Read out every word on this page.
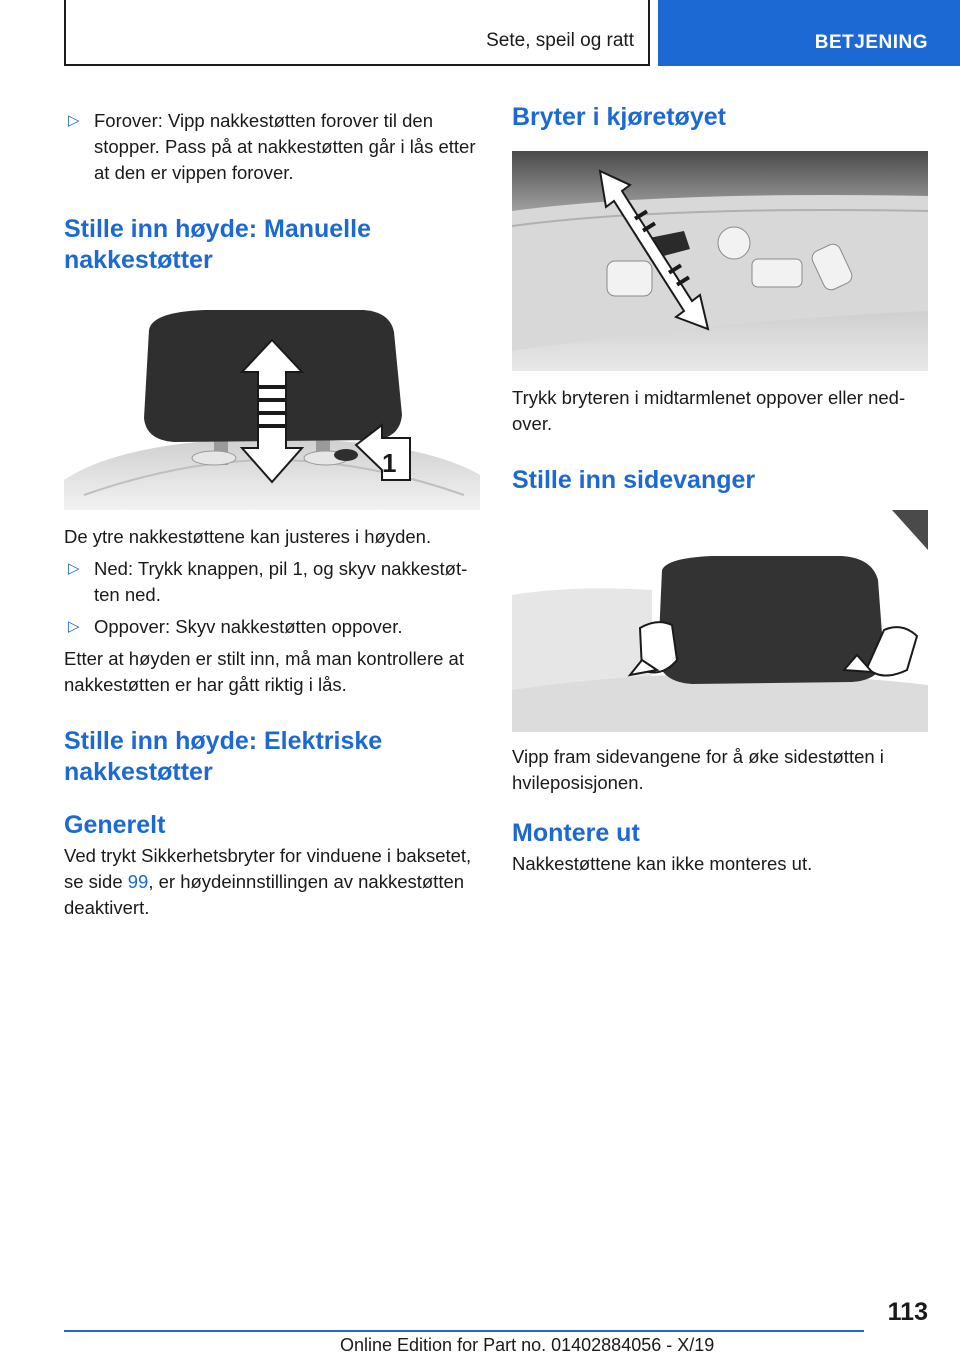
Sete, speil og ratt	BETJENING
▷ Forover: Vipp nakkestøtten forover til den stopper. Pass på at nakkestøtten går i lås etter at den er vippen forover.
Stille inn høyde: Manuelle nakkestøtter
1
De ytre nakkestøttene kan justeres i høyden.
▷ Ned: Trykk knappen, pil 1, og skyv nakkestøtten ned.
▷ Oppover: Skyv nakkestøtten oppover.
Etter at høyden er stilt inn, må man kontrollere at nakkestøtten er har gått riktig i lås.
Stille inn høyde: Elektriske nakkestøtter
Generelt
Ved trykt Sikkerhetsbryter for vinduene i baksetet, se side 99, er høydeinnstillingen av nakkestøtten deaktivert.
Bryter i kjøretøyet
Trykk bryteren i midtarmlenet oppover eller nedover.
Stille inn sidevanger
Vipp fram sidevangene for å øke sidestøtten i hvileposisjonen.
Montere ut
Nakkestøttene kan ikke monteres ut.
113
Online Edition for Part no. 01402884056 - X/19
